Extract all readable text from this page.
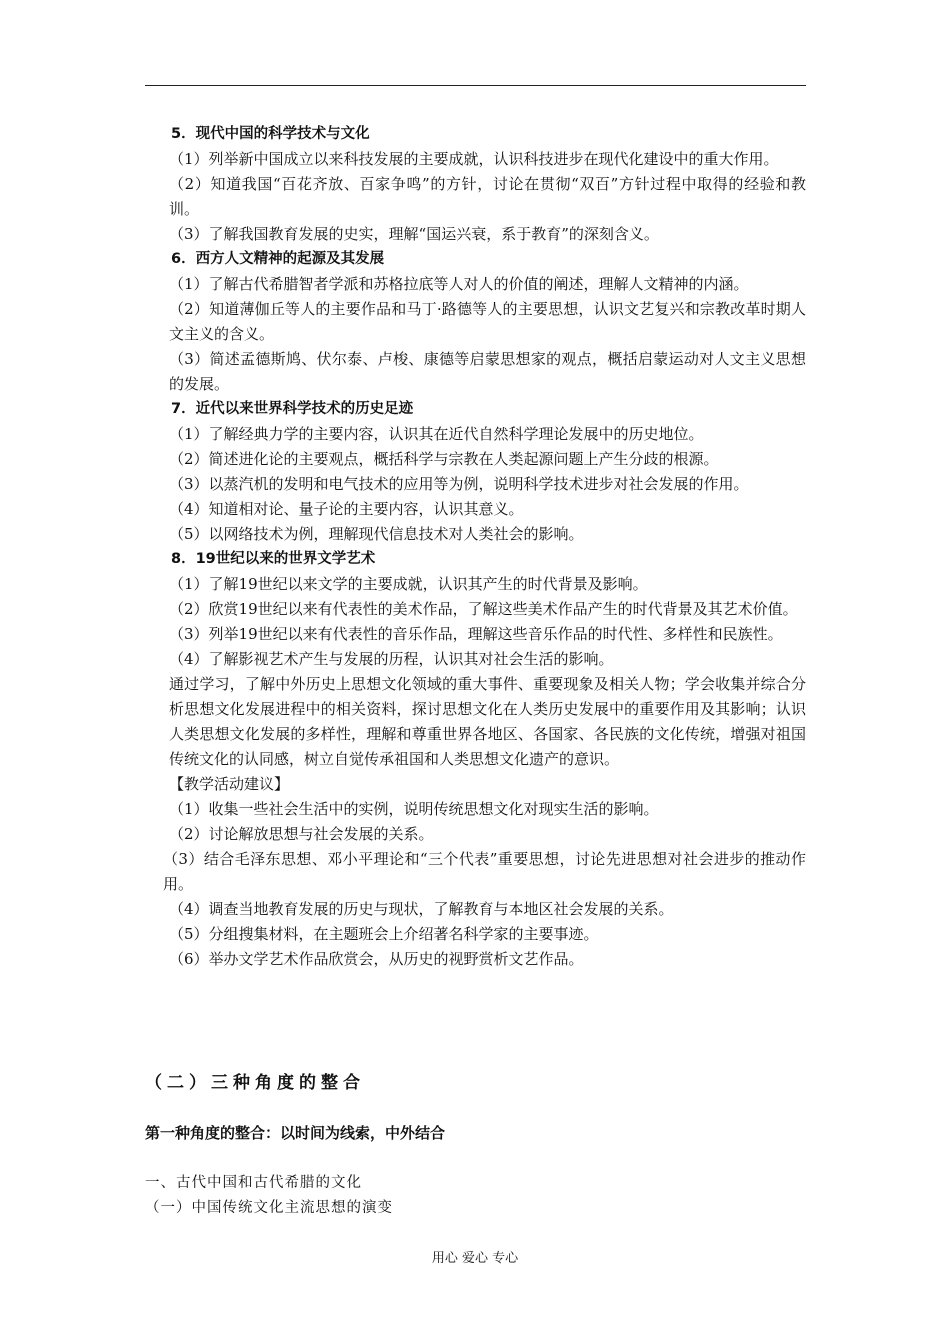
5．现代中国的科学技术与文化
（1）列举新中国成立以来科技发展的主要成就，认识科技进步在现代化建设中的重大作用。
（2）知道我国“百花齐放、百家争鸣”的方针，讨论在贯彻“双百”方针过程中取得的经验和教训。
（3）了解我国教育发展的史实，理解“国运兴衰，系于教育”的深刻含义。
6．西方人文精神的起源及其发展
（1）了解古代希腊智者学派和苏格拉底等人对人的价值的阐述，理解人文精神的内涵。
（2）知道薄伽丘等人的主要作品和马丁·路德等人的主要思想，认识文艺复兴和宗教改革时期人文主义的含义。
（3）简述孟德斯鸠、伏尔泰、卢梭、康德等启蒙思想家的观点，概括启蒙运动对人文主义思想的发展。
7．近代以来世界科学技术的历史足迹
（1）了解经典力学的主要内容，认识其在近代自然科学理论发展中的历史地位。
（2）简述进化论的主要观点，概括科学与宗教在人类起源问题上产生分歧的根源。
（3）以蒸汽机的发明和电气技术的应用等为例，说明科学技术进步对社会发展的作用。
（4）知道相对论、量子论的主要内容，认识其意义。
（5）以网络技术为例，理解现代信息技术对人类社会的影响。
8．19世纪以来的世界文学艺术
（1）了解19世纪以来文学的主要成就，认识其产生的时代背景及影响。
（2）欣赏19世纪以来有代表性的美术作品，了解这些美术作品产生的时代背景及其艺术价值。
（3）列举19世纪以来有代表性的音乐作品，理解这些音乐作品的时代性、多样性和民族性。
（4）了解影视艺术产生与发展的历程，认识其对社会生活的影响。
通过学习，了解中外历史上思想文化领域的重大事件、重要现象及相关人物；学会收集并综合分析思想文化发展进程中的相关资料，探讨思想文化在人类历史发展中的重要作用及其影响；认识人类思想文化发展的多样性，理解和尊重世界各地区、各国家、各民族的文化传统，增强对祖国传统文化的认同感，树立自觉传承祖国和人类思想文化遗产的意识。
【教学活动建议】
（1）收集一些社会生活中的实例，说明传统思想文化对现实生活的影响。
（2）讨论解放思想与社会发展的关系。
（3）结合毛泽东思想、邓小平理论和“三个代表”重要思想，讨论先进思想对社会进步的推动作用。
（4）调查当地教育发展的历史与现状，了解教育与本地区社会发展的关系。
（5）分组搜集材料，在主题班会上介绍著名科学家的主要事迹。
（6）举办文学艺术作品欣赏会，从历史的视野赏析文艺作品。
（二）三种角度的整合
第一种角度的整合：以时间为线索，中外结合
一、古代中国和古代希腊的文化
（一）中国传统文化主流思想的演变
用心 爱心 专心
